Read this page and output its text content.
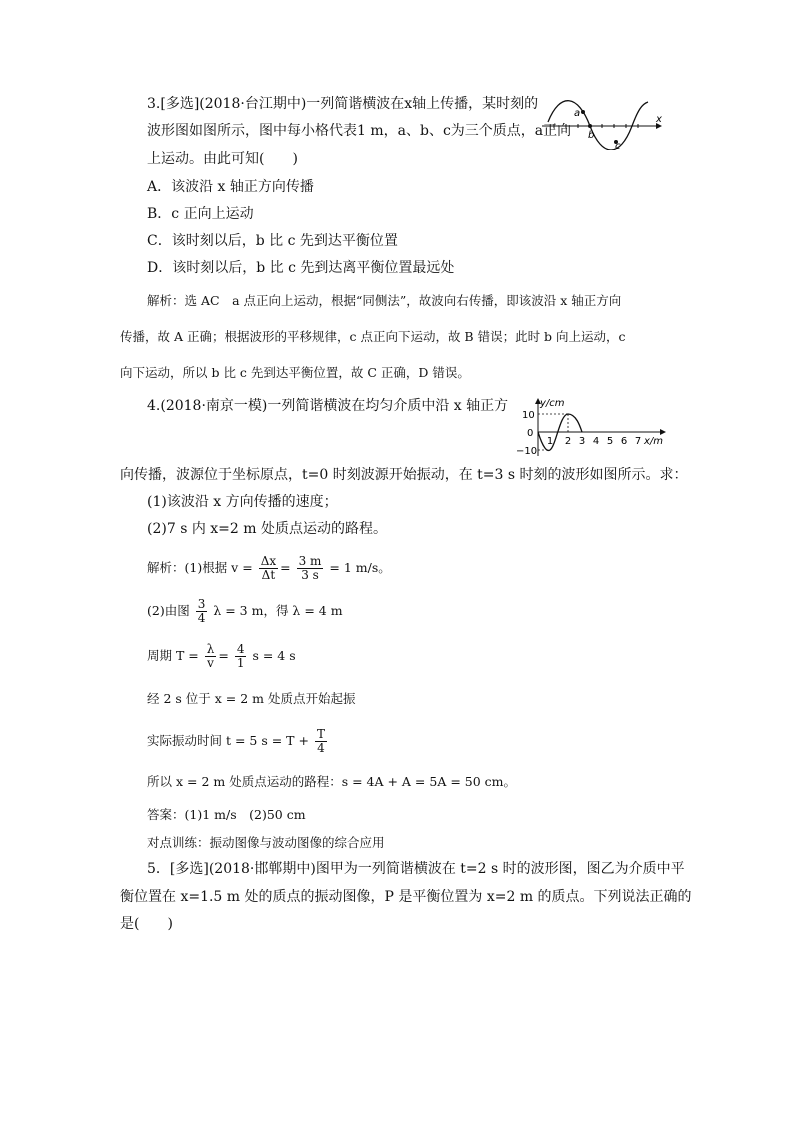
3.[多选](2018·台江期中)一列简谐横波在x轴上传播，某时刻的
波形图如图所示，图中每小格代表1 m，a、b、c为三个质点，a正向
上运动。由此可知(　　)
a
b
c
x
A．该波沿 x 轴正方向传播
B．c 正向上运动
C．该时刻以后，b 比 c 先到达平衡位置
D．该时刻以后，b 比 c 先到达离平衡位置最远处
解析：选 AC　a 点正向上运动，根据“同侧法”，故波向右传播，即该波沿 x 轴正方向
传播，故 A 正确；根据波形的平移规律，c 点正向下运动，故 B 错误；此时 b 向上运动，c
向下运动，所以 b 比 c 先到达平衡位置，故 C 正确，D 错误。
4.(2018·南京一模)一列简谐横波在均匀介质中沿 x 轴正方	y/cm
x/m
10
0
−10
1 2 3 4 5 6 7
向传播，波源位于坐标原点，t=0 时刻波源开始振动，在 t=3 s 时刻的波形如图所示。求：
(1)该波沿 x 方向传播的速度；
(2)7 s 内 x=2 m 处质点运动的路程。
解析：(1)根据 $v = \frac{\Delta x}{\Delta t} = \frac{3 m}{3 s} = 1$ m/s。
(2)由图 $\frac{3}{4}$ λ = 3 m，得 λ = 4 m
周期 $T = \frac{\lambda}{v} = \frac{4}{1}$ s = 4 s
经 2 s 位于 x = 2 m 处质点开始起振
实际振动时间 t = 5 $s = T + \frac{T}{4}$
所以 x = 2 m 处质点运动的路程：s = 4A + A = 5A = 50 cm。
答案：(1)1 m/s　(2)50 cm
对点训练：振动图像与波动图像的综合应用
5．[多选](2018·邯郸期中)图甲为一列简谐横波在 t=2 s 时的波形图，图乙为介质中平
衡位置在 x=1.5 m 处的质点的振动图像，P 是平衡位置为 x=2 m 的质点。下列说法正确的
是(　　)
